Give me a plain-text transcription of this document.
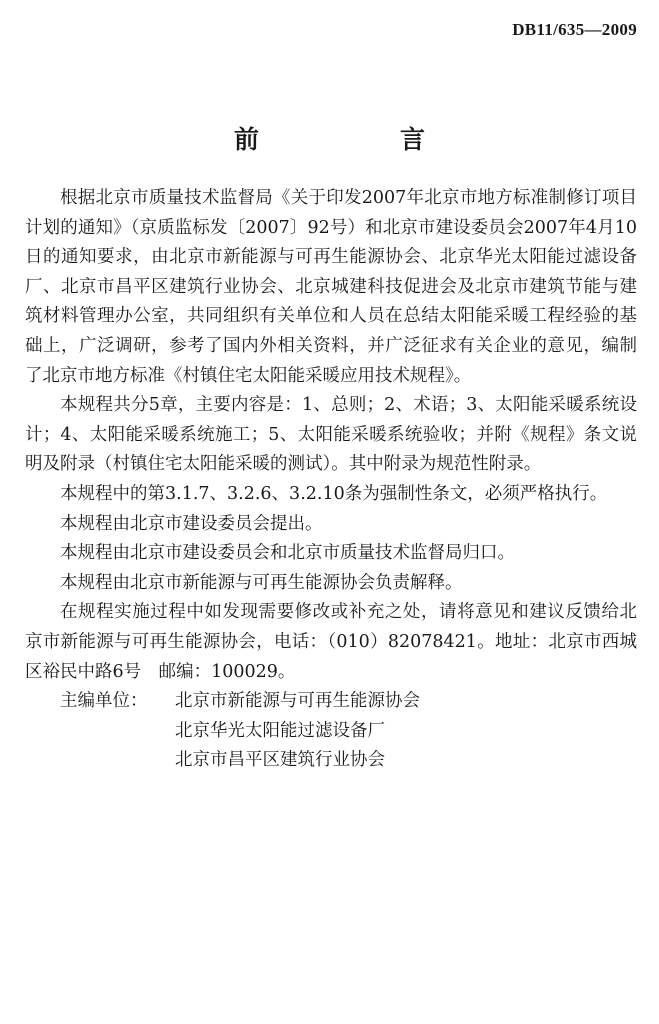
DB11/635—2009
前　言

根据北京市质量技术监督局《关于印发2007年北京市地方标准制修订项目计划的通知》（京质监标发〔2007〕92号）和北京市建设委员会2007年4月10日的通知要求，由北京市新能源与可再生能源协会、北京华光太阳能过滤设备厂、北京市昌平区建筑行业协会、北京城建科技促进会及北京市建筑节能与建筑材料管理办公室，共同组织有关单位和人员在总结太阳能采暖工程经验的基础上，广泛调研，参考了国内外相关资料，并广泛征求有关企业的意见，编制了北京市地方标准《村镇住宅太阳能采暖应用技术规程》。

本规程共分5章，主要内容是：1、总则；2、术语；3、太阳能采暖系统设计；4、太阳能采暖系统施工；5、太阳能采暖系统验收；并附《规程》条文说明及附录（村镇住宅太阳能采暖的测试）。其中附录为规范性附录。

本规程中的第3.1.7、3.2.6、3.2.10条为强制性条文，必须严格执行。

本规程由北京市建设委员会提出。

本规程由北京市建设委员会和北京市质量技术监督局归口。

本规程由北京市新能源与可再生能源协会负责解释。

在规程实施过程中如发现需要修改或补充之处，请将意见和建议反馈给北京市新能源与可再生能源协会，电话：（010）82078421。地址：北京市西城区裕民中路6号　邮编：100029。

主编单位：	北京市新能源与可再生能源协会
北京华光太阳能过滤设备厂
北京市昌平区建筑行业协会
